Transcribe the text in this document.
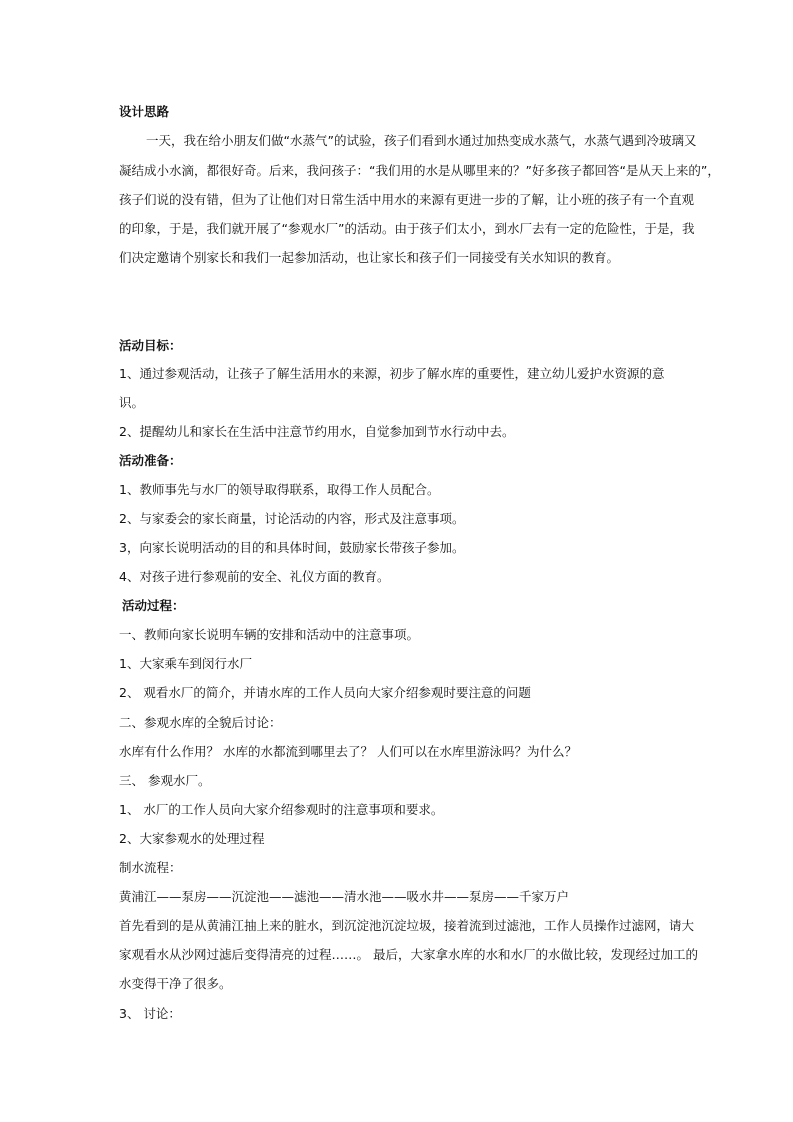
设计思路
一天，我在给小朋友们做“水蒸气”的试验，孩子们看到水通过加热变成水蒸气，水蒸气遇到冷玻璃又
凝结成小水滴，都很好奇。后来，我问孩子：“我们用的水是从哪里来的？”好多孩子都回答“是从天上来的”，
孩子们说的没有错，但为了让他们对日常生活中用水的来源有更进一步的了解，让小班的孩子有一个直观
的印象，于是，我们就开展了“参观水厂”的活动。由于孩子们太小，到水厂去有一定的危险性，于是，我
们决定邀请个别家长和我们一起参加活动，也让家长和孩子们一同接受有关水知识的教育。
活动目标：
1、通过参观活动，让孩子了解生活用水的来源，初步了解水库的重要性，建立幼儿爱护水资源的意
识。
2、提醒幼儿和家长在生活中注意节约用水，自觉参加到节水行动中去。
活动准备：
1、教师事先与水厂的领导取得联系，取得工作人员配合。
2、与家委会的家长商量，讨论活动的内容，形式及注意事项。
3，向家长说明活动的目的和具体时间，鼓励家长带孩子参加。
4、对孩子进行参观前的安全、礼仪方面的教育。
活动过程：
一、教师向家长说明车辆的安排和活动中的注意事项。
1、大家乘车到闵行水厂
2、 观看水厂的简介，并请水库的工作人员向大家介绍参观时要注意的问题
二、参观水库的全貌后讨论：
水库有什么作用？ 水库的水都流到哪里去了？ 人们可以在水库里游泳吗？为什么？
三、 参观水厂。
1、 水厂的工作人员向大家介绍参观时的注意事项和要求。
2、大家参观水的处理过程
制水流程：
黄浦江——泵房——沉淀池——滤池——清水池——吸水井——泵房——千家万户
首先看到的是从黄浦江抽上来的脏水，到沉淀池沉淀垃圾，接着流到过滤池，工作人员操作过滤网，请大
家观看水从沙网过滤后变得清亮的过程……。 最后，大家拿水库的水和水厂的水做比较，发现经过加工的
水变得干净了很多。
3、 讨论：
